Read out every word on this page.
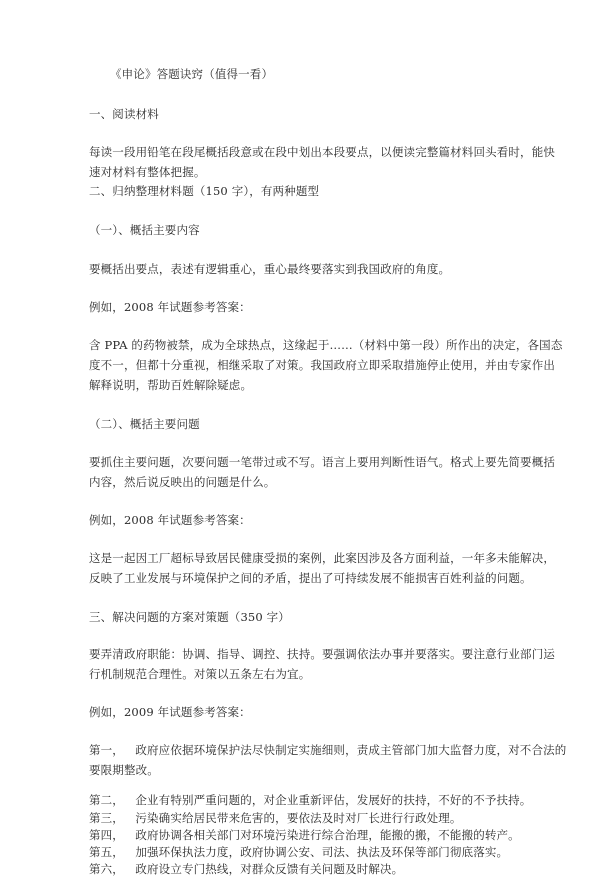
《申论》答题诀窍（值得一看）
一、阅读材料
每读一段用铅笔在段尾概括段意或在段中划出本段要点，以便读完整篇材料回头看时，能快
速对材料有整体把握。
二、归纳整理材料题（150 字），有两种题型
（一）、概括主要内容
要概括出要点，表述有逻辑重心，重心最终要落实到我国政府的角度。
例如，2008 年试题参考答案：
含 PPA 的药物被禁，成为全球热点，这缘起于……（材料中第一段）所作出的决定，各国态
度不一，但都十分重视，相继采取了对策。我国政府立即采取措施停止使用，并由专家作出
解释说明，帮助百姓解除疑虑。
（二）、概括主要问题
要抓住主要问题，次要问题一笔带过或不写。语言上要用判断性语气。格式上要先简要概括
内容，然后说反映出的问题是什么。
例如，2008 年试题参考答案：
这是一起因工厂超标导致居民健康受损的案例，此案因涉及各方面利益，一年多未能解决，
反映了工业发展与环境保护之间的矛盾，提出了可持续发展不能损害百姓利益的问题。
三、解决问题的方案对策题（350 字）
要弄清政府职能：协调、指导、调控、扶持。要强调依法办事并要落实。要注意行业部门运
行机制规范合理性。对策以五条左右为宜。
例如，2009 年试题参考答案：
第一，   政府应依据环境保护法尽快制定实施细则，责成主管部门加大监督力度，对不合法的
要限期整改。
第二，   企业有特别严重问题的，对企业重新评估，发展好的扶持，不好的不予扶持。
第三，   污染确实给居民带来危害的，要依法及时对厂长进行行政处理。
第四，   政府协调各相关部门对环境污染进行综合治理，能搬的搬，不能搬的转产。
第五，   加强环保执法力度，政府协调公安、司法、执法及环保等部门彻底落实。
第六，   政府设立专门热线，对群众反馈有关问题及时解决。
